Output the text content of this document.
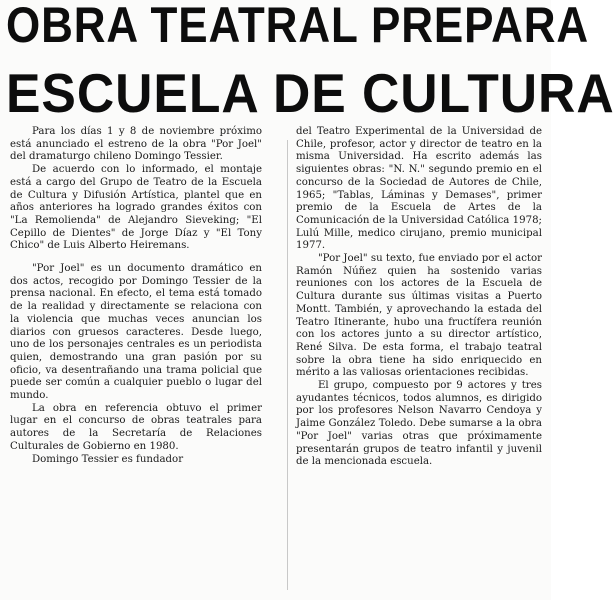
OBRA TEATRAL PREPARA
ESCUELA DE CULTURA

Para los días 1 y 8 de noviembre próximo está anunciado el estreno de la obra "Por Joel" del dramaturgo chileno Domingo Tessier.

De acuerdo con lo informado, el montaje está a cargo del Grupo de Teatro de la Escuela de Cultura y Difusión Artística, plantel que en años anteriores ha logrado grandes éxitos con "La Remolienda" de Alejandro Sieveking; "El Cepillo de Dientes" de Jorge Díaz y "El Tony Chico" de Luis Alberto Heiremans.

"Por Joel" es un documento dramático en dos actos, recogido por Domingo Tessier de la prensa nacional. En efecto, el tema está tomado de la realidad y directamente se relaciona con la violencia que muchas veces anuncian los diarios con gruesos caracteres. Desde luego, uno de los personajes centrales es un periodista quien, demostrando una gran pasión por su oficio, va desentrañando una trama policial que puede ser común a cualquier pueblo o lugar del mundo.

La obra en referencia obtuvo el primer lugar en el concurso de obras teatrales para autores de la Secretaría de Relaciones Culturales de Gobierno en 1980.

Domingo Tessier es fundador

del Teatro Experimental de la Universidad de Chile, profesor, actor y director de teatro en la misma Universidad. Ha escrito además las siguientes obras: "N. N." segundo premio en el concurso de la Sociedad de Autores de Chile, 1965; "Tablas, Láminas y Demases", primer premio de la Escuela de Artes de la Comunicación de la Universidad Católica 1978; Lulú Mille, medico cirujano, premio municipal 1977.

"Por Joel" su texto, fue enviado por el actor Ramón Núñez quien ha sostenido varias reuniones con los actores de la Escuela de Cultura durante sus últimas visitas a Puerto Montt. También, y aprovechando la estada del Teatro Itinerante, hubo una fructífera reunión con los actores junto a su director artístico, René Silva. De esta forma, el trabajo teatral sobre la obra tiene ha sido enriquecido en mérito a las valiosas orientaciones recibidas.

El grupo, compuesto por 9 actores y tres ayudantes técnicos, todos alumnos, es dirigido por los profesores Nelson Navarro Cendoya y Jaime González Toledo. Debe sumarse a la obra "Por Joel" varias otras que próximamente presentarán grupos de teatro infantil y juvenil de la mencionada escuela.
